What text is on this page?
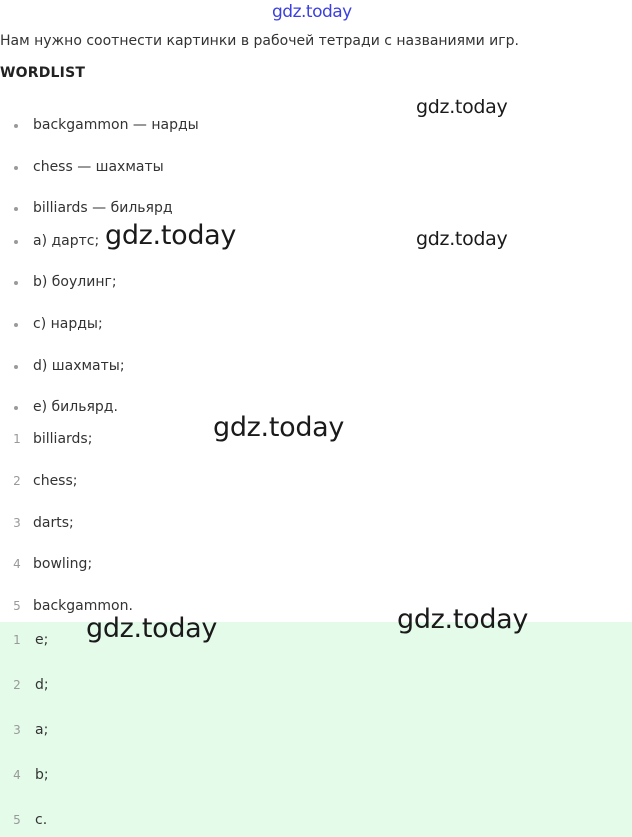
gdz.today
Нам нужно соотнести картинки в рабочей тетради с названиями игр.
WORDLIST
backgammon — нарды
chess — шахматы
billiards — бильярд
a) дартс;
b) боулинг;
c) нарды;
d) шахматы;
e) бильярд.
1 billiards;
2 chess;
3 darts;
4 bowling;
5 backgammon.
1 e;
2 d;
3 a;
4 b;
5 c.
gdz.today
gdz.today	gdz.today
gdz.today
gdz.today
gdz.today
